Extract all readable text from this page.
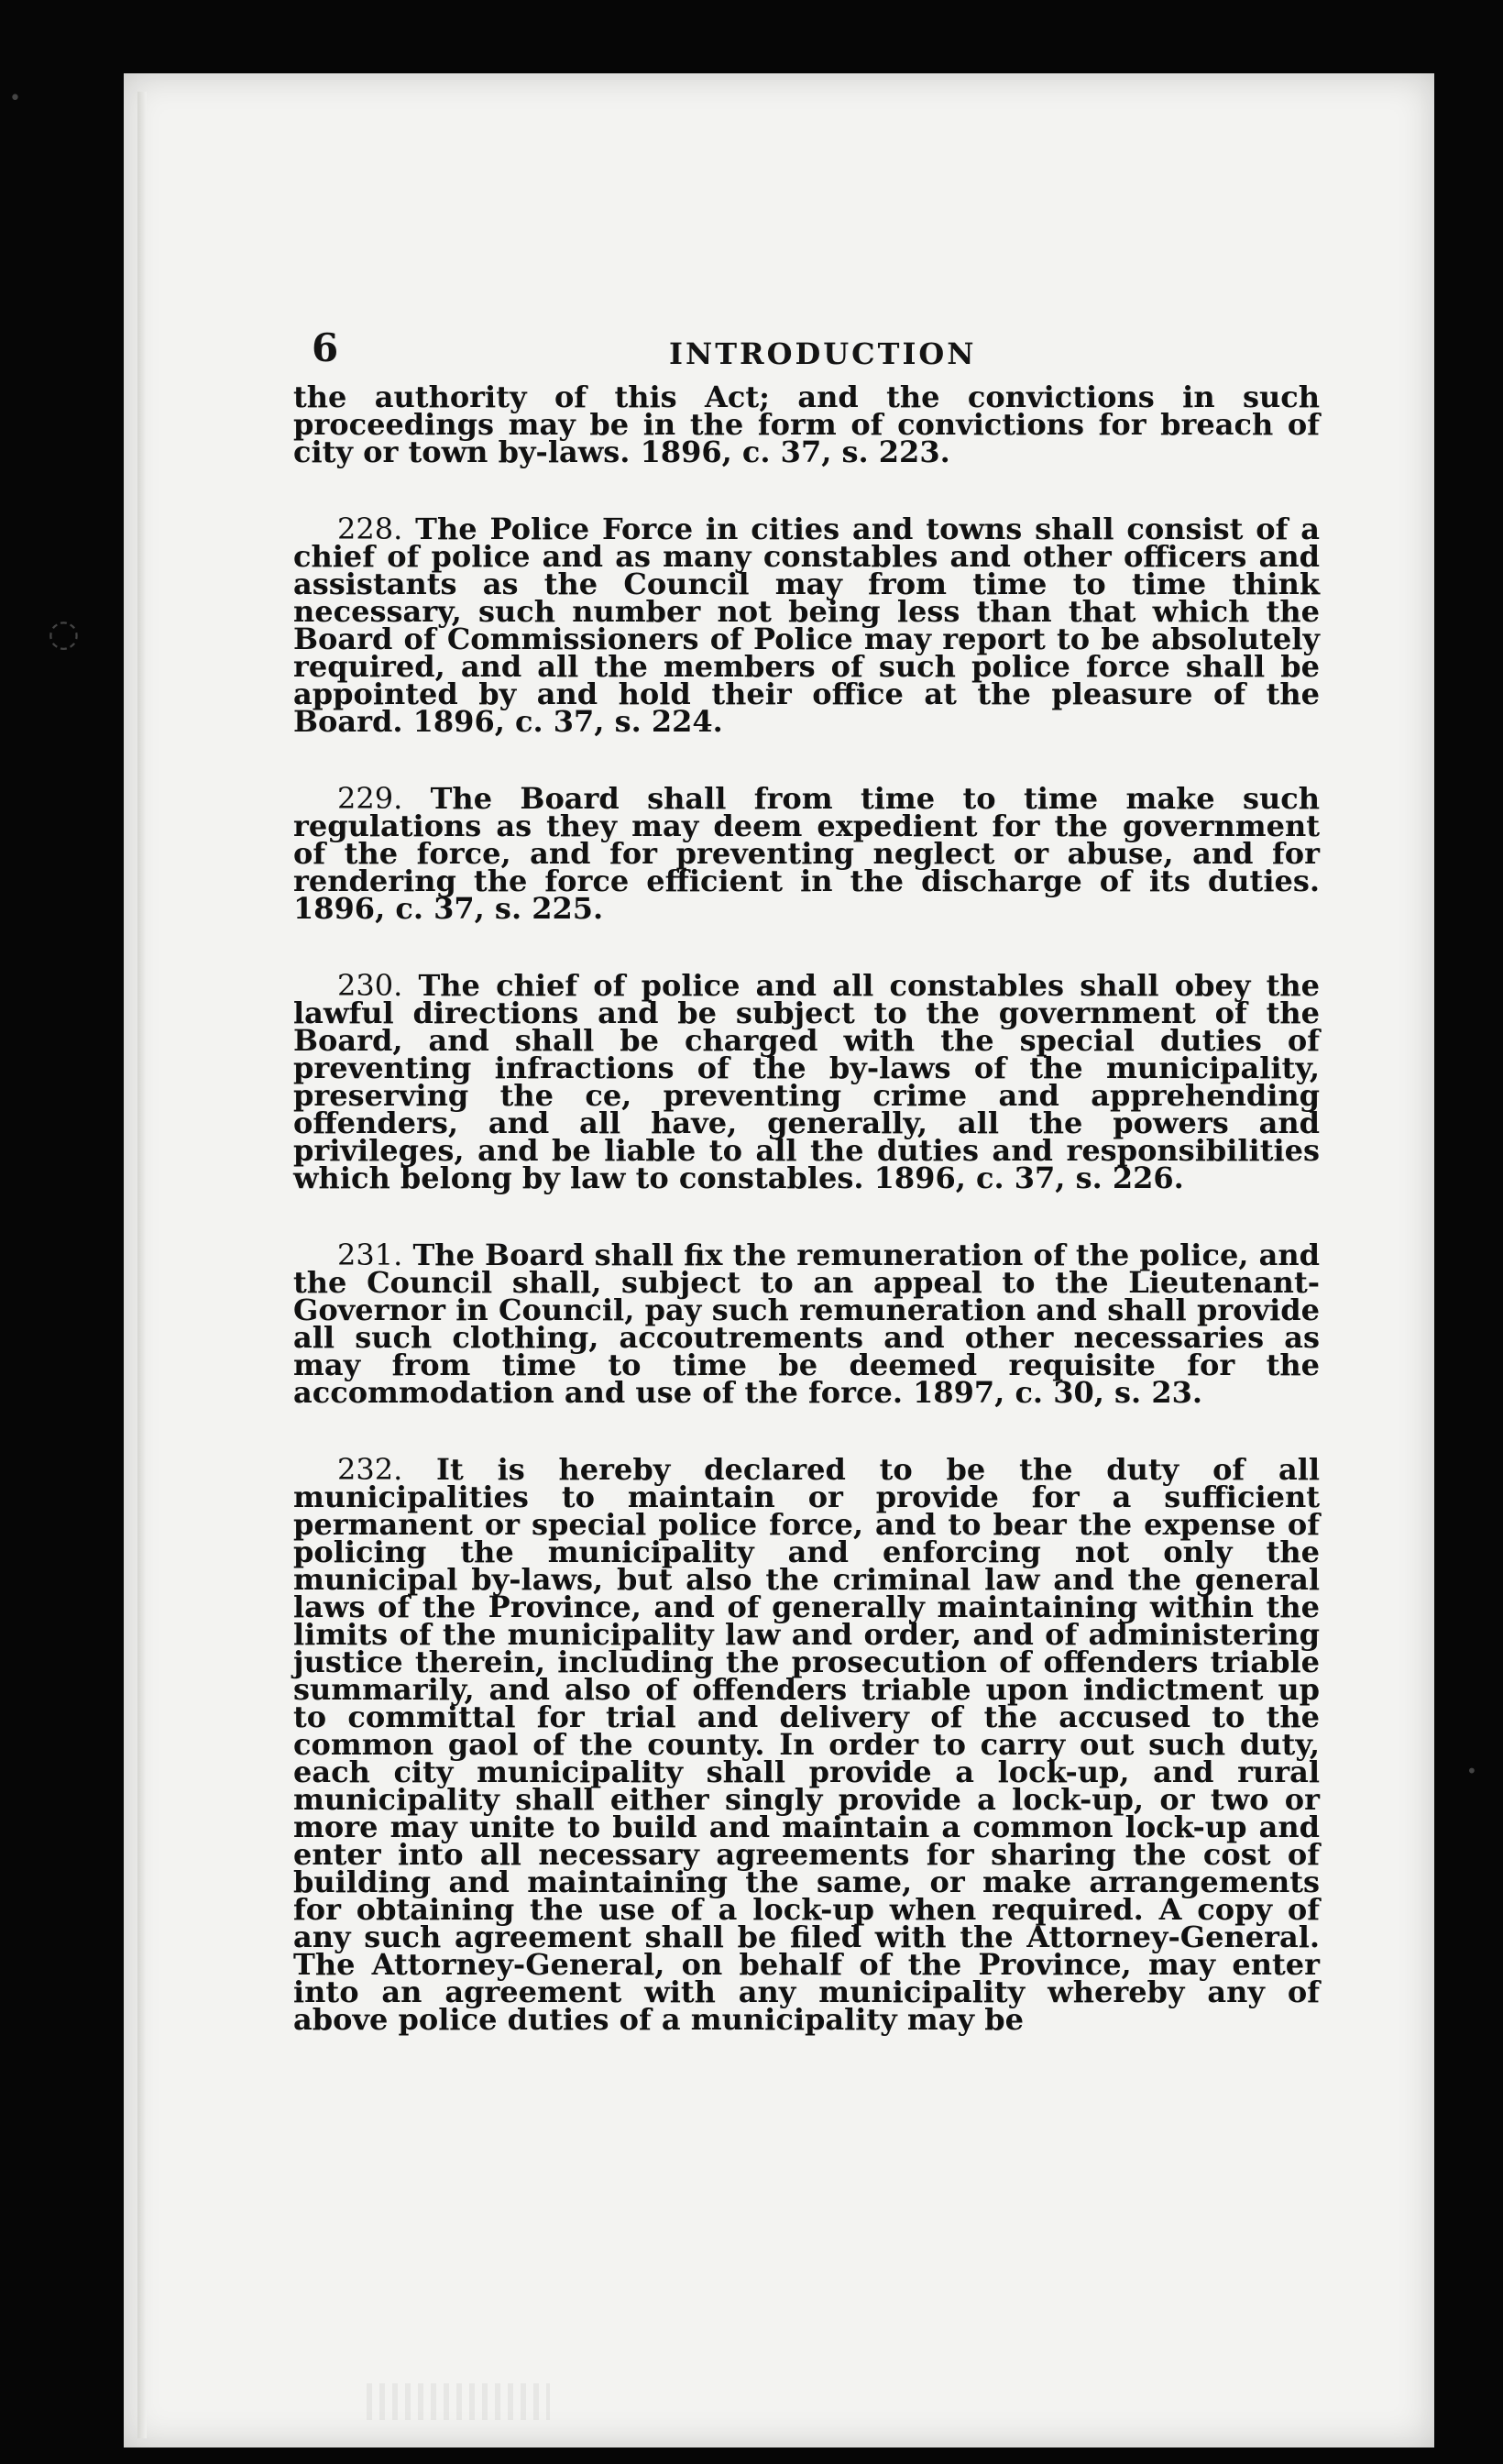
•
◌
•
6	INTRODUCTION

the authority of this Act; and the convictions in such proceedings may be in the form of convictions for breach of city or town by-laws. 1896, c. 37, s. 223.

228. The Police Force in cities and towns shall consist of a chief of police and as many constables and other officers and assistants as the Council may from time to time think necessary, such number not being less than that which the Board of Commissioners of Police may report to be absolutely required, and all the members of such police force shall be appointed by and hold their office at the pleasure of the Board. 1896, c. 37, s. 224.

229. The Board shall from time to time make such regulations as they may deem expedient for the government of the force, and for preventing neglect or abuse, and for rendering the force efficient in the discharge of its duties. 1896, c. 37, s. 225.

230. The chief of police and all constables shall obey the lawful directions and be subject to the government of the Board, and shall be charged with the special duties of preventing infractions of the by-laws of the municipality, preserving the ce, preventing crime and apprehending offenders, and all have, generally, all the powers and privileges, and be liable to all the duties and responsibilities which belong by law to constables. 1896, c. 37, s. 226.

231. The Board shall fix the remuneration of the police, and the Council shall, subject to an appeal to the Lieutenant-Governor in Council, pay such remuneration and shall provide all such clothing, accoutrements and other necessaries as may from time to time be deemed requisite for the accommodation and use of the force. 1897, c. 30, s. 23.

232. It is hereby declared to be the duty of all municipalities to maintain or provide for a sufficient permanent or special police force, and to bear the expense of policing the municipality and enforcing not only the municipal by-laws, but also the criminal law and the general laws of the Province, and of generally maintaining within the limits of the municipality law and order, and of administering justice therein, including the prosecution of offenders triable summarily, and also of offenders triable upon indictment up to committal for trial and delivery of the accused to the common gaol of the county. In order to carry out such duty, each city municipality shall provide a lock-up, and rural municipality shall either singly provide a lock-up, or two or more may unite to build and maintain a common lock-up and enter into all necessary agreements for sharing the cost of building and maintaining the same, or make arrangements for obtaining the use of a lock-up when required. A copy of any such agreement shall be filed with the Attorney-General. The Attorney-General, on behalf of the Province, may enter into an agreement with any municipality whereby any of above police duties of a municipality may be
